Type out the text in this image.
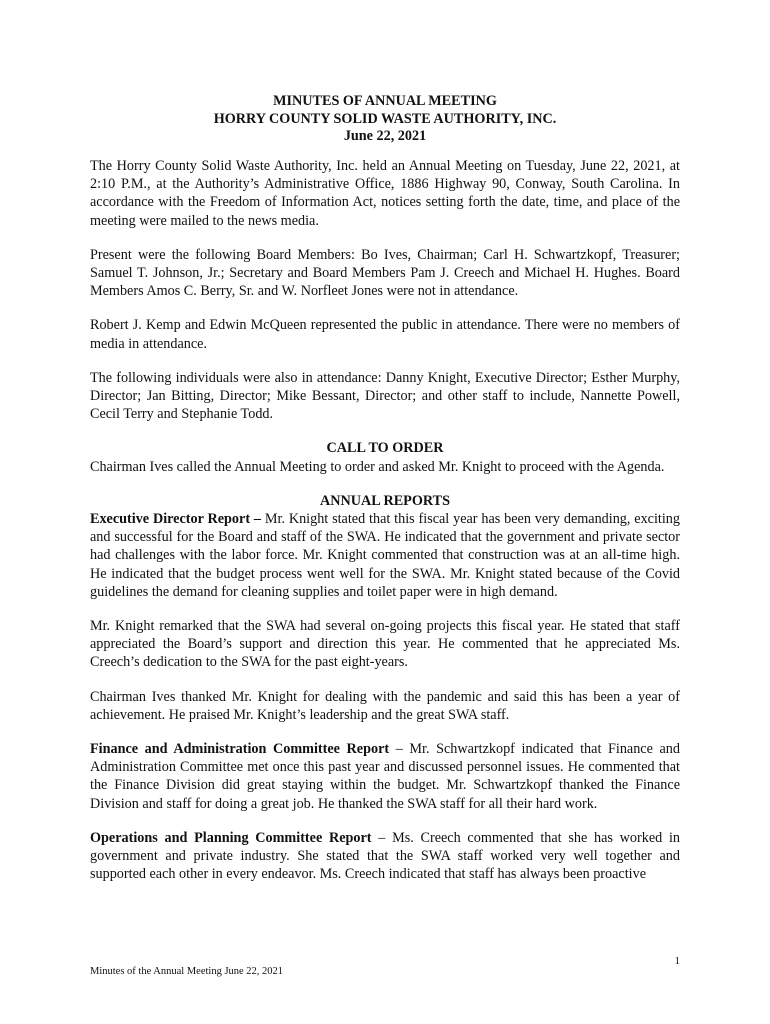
MINUTES OF ANNUAL MEETING
HORRY COUNTY SOLID WASTE AUTHORITY, INC.
June 22, 2021

The Horry County Solid Waste Authority, Inc. held an Annual Meeting on Tuesday, June 22, 2021, at 2:10 P.M., at the Authority’s Administrative Office, 1886 Highway 90, Conway, South Carolina. In accordance with the Freedom of Information Act, notices setting forth the date, time, and place of the meeting were mailed to the news media.

Present were the following Board Members: Bo Ives, Chairman; Carl H. Schwartzkopf, Treasurer; Samuel T. Johnson, Jr.; Secretary and Board Members Pam J. Creech and Michael H. Hughes. Board Members Amos C. Berry, Sr. and W. Norfleet Jones were not in attendance.

Robert J. Kemp and Edwin McQueen represented the public in attendance. There were no members of media in attendance.

The following individuals were also in attendance: Danny Knight, Executive Director; Esther Murphy, Director; Jan Bitting, Director; Mike Bessant, Director; and other staff to include, Nannette Powell, Cecil Terry and Stephanie Todd.

CALL TO ORDER

Chairman Ives called the Annual Meeting to order and asked Mr. Knight to proceed with the Agenda.

ANNUAL REPORTS

Executive Director Report – Mr. Knight stated that this fiscal year has been very demanding, exciting and successful for the Board and staff of the SWA. He indicated that the government and private sector had challenges with the labor force. Mr. Knight commented that construction was at an all-time high. He indicated that the budget process went well for the SWA. Mr. Knight stated because of the Covid guidelines the demand for cleaning supplies and toilet paper were in high demand.

Mr. Knight remarked that the SWA had several on-going projects this fiscal year. He stated that staff appreciated the Board’s support and direction this year. He commented that he appreciated Ms. Creech’s dedication to the SWA for the past eight-years.

Chairman Ives thanked Mr. Knight for dealing with the pandemic and said this has been a year of achievement. He praised Mr. Knight’s leadership and the great SWA staff.

Finance and Administration Committee Report – Mr. Schwartzkopf indicated that Finance and Administration Committee met once this past year and discussed personnel issues. He commented that the Finance Division did great staying within the budget. Mr. Schwartzkopf thanked the Finance Division and staff for doing a great job. He thanked the SWA staff for all their hard work.

Operations and Planning Committee Report – Ms. Creech commented that she has worked in government and private industry. She stated that the SWA staff worked very well together and supported each other in every endeavor. Ms. Creech indicated that staff has always been proactive

1
Minutes of the Annual Meeting June 22, 2021
